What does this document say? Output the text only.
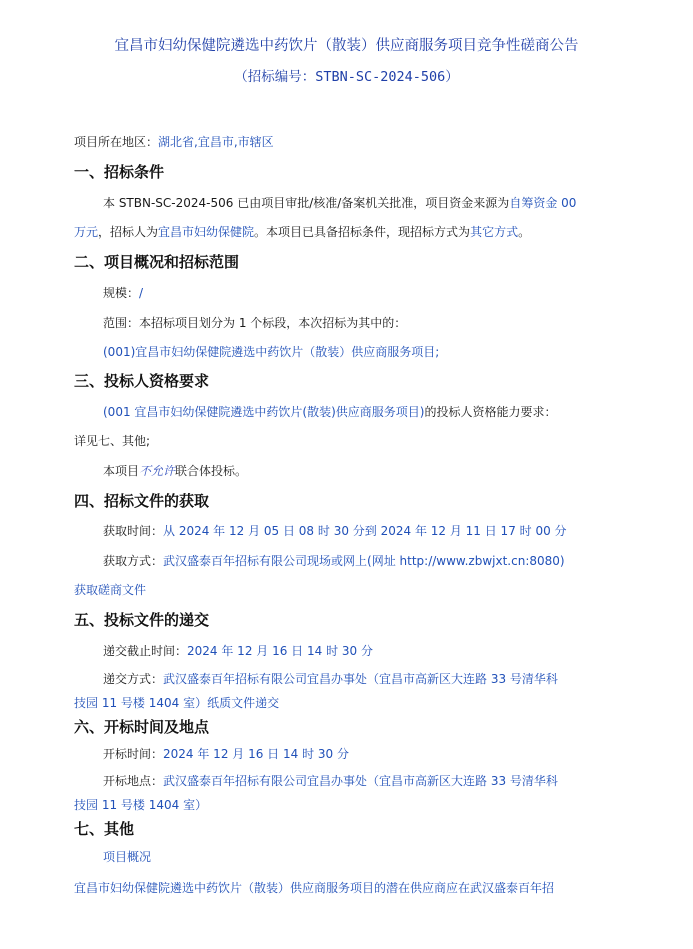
宜昌市妇幼保健院遴选中药饮片（散装）供应商服务项目竞争性磋商公告
（招标编号：STBN-SC-2024-506）
项目所在地区：湖北省,宜昌市,市辖区
一、招标条件
本 STBN-SC-2024-506 已由项目审批/核准/备案机关批准，项目资金来源为自筹资金 00
万元，招标人为宜昌市妇幼保健院。本项目已具备招标条件，现招标方式为其它方式。
二、项目概况和招标范围
规模：/
范围：本招标项目划分为 1 个标段，本次招标为其中的：
(001)宜昌市妇幼保健院遴选中药饮片（散装）供应商服务项目;
三、投标人资格要求
(001 宜昌市妇幼保健院遴选中药饮片(散装)供应商服务项目)的投标人资格能力要求：
详见七、其他;
本项目不允许联合体投标。
四、招标文件的获取
获取时间：从 2024 年 12 月 05 日 08 时 30 分到 2024 年 12 月 11 日 17 时 00 分
获取方式：武汉盛泰百年招标有限公司现场或网上(网址 http://www.zbwjxt.cn:8080)
获取磋商文件
五、投标文件的递交
递交截止时间：2024 年 12 月 16 日 14 时 30 分
递交方式：武汉盛泰百年招标有限公司宜昌办事处（宜昌市高新区大连路 33 号清华科
技园 11 号楼 1404 室）纸质文件递交
六、开标时间及地点
开标时间：2024 年 12 月 16 日 14 时 30 分
开标地点：武汉盛泰百年招标有限公司宜昌办事处（宜昌市高新区大连路 33 号清华科
技园 11 号楼 1404 室）
七、其他
项目概况
宜昌市妇幼保健院遴选中药饮片（散装）供应商服务项目的潜在供应商应在武汉盛泰百年招
